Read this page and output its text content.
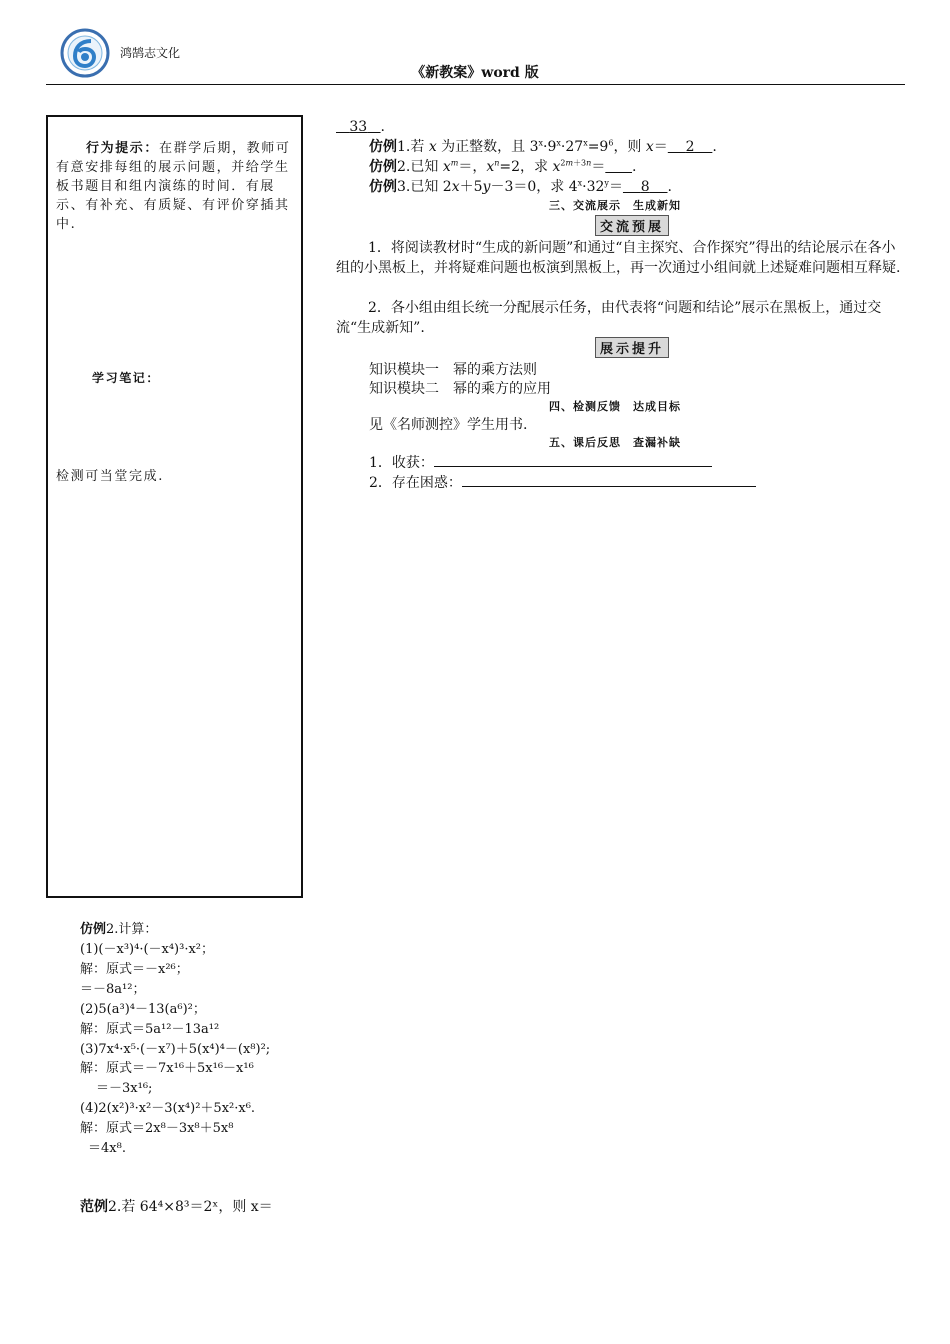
鸿鹄志文化
《新教案》word 版
行为提示：在群学后期，教师可有意安排每组的展示问题，并给学生板书题目和组内演练的时间．有展示、有补充、有质疑、有评价穿插其中.
学习笔记：
检测可当堂完成.
33 .
仿例1.若 x 为正整数，且 $3^x\cdot 9^x\cdot 27^x=9^6$，则 x＝ 2 .
仿例2.已知 $x^m=$，$x^n=2$，求 $x^{2m+3n}=$ .
仿例3.已知 2x＋5y－3＝0，求 $4^x\cdot 32^y= 8$ .
三、交流展示　生成新知
交流预展
1．将阅读教材时“生成的新问题”和通过“自主探究、合作探究”得出的结论展示在各小组的小黑板上，并将疑难问题也板演到黑板上，再一次通过小组间就上述疑难问题相互释疑.
2．各小组由组长统一分配展示任务，由代表将“问题和结论”展示在黑板上，通过交流“生成新知”.
展示提升
知识模块一　幂的乘方法则
知识模块二　幂的乘方的应用
四、检测反馈　达成目标
见《名师测控》学生用书.
五、课后反思　查漏补缺
1．收获：
2．存在困惑：
仿例2.计算：
(1)(－x³)⁴·(－x⁴)³·x²；
解：原式＝－x²⁶；
＝－8a¹²；
(2)5(a³)⁴－13(a⁶)²；
解：原式＝5a¹²－13a¹²
(3)7x⁴·x⁵·(－x⁷)＋5(x⁴)⁴－(x⁸)²;
解：原式＝－7x¹⁶＋5x¹⁶－x¹⁶
＝－3x¹⁶;
(4)2(x²)³·x²－3(x⁴)²＋5x²·x⁶.
解：原式＝2x⁸－3x⁸＋5x⁸
＝4x⁸.
范例2.若 64⁴×8³＝2ˣ，则 x＝
